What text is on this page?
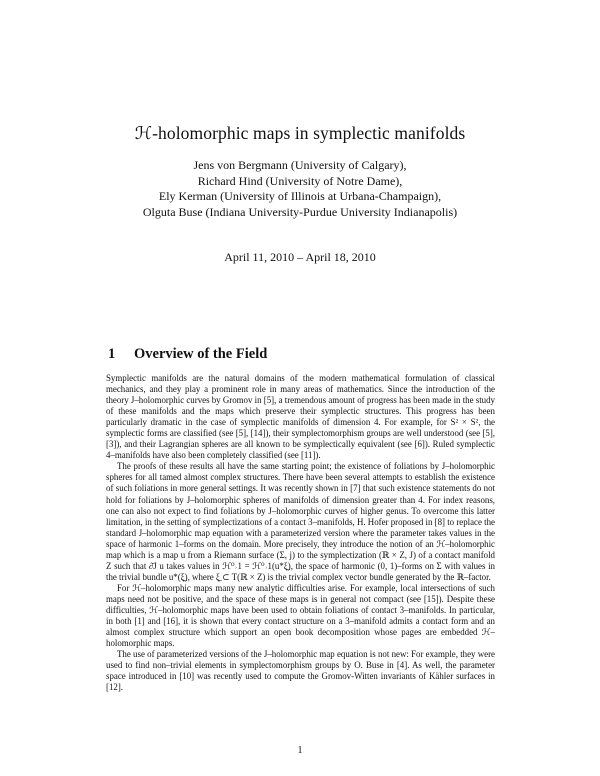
ℋ-holomorphic maps in symplectic manifolds
Jens von Bergmann (University of Calgary),
Richard Hind (University of Notre Dame),
Ely Kerman (University of Illinois at Urbana-Champaign),
Olguta Buse (Indiana University-Purdue University Indianapolis)
April 11, 2010 – April 18, 2010
1 Overview of the Field

Symplectic manifolds are the natural domains of the modern mathematical formulation of classical mechanics, and they play a prominent role in many areas of mathematics. Since the introduction of the theory J–holomorphic curves by Gromov in [5], a tremendous amount of progress has been made in the study of these manifolds and the maps which preserve their symplectic structures. This progress has been particularly dramatic in the case of symplectic manifolds of dimension 4. For example, for S² × S², the symplectic forms are classified (see [5], [14]), their symplectomorphism groups are well understood (see [5], [3]), and their Lagrangian spheres are all known to be symplectically equivalent (see [6]). Ruled symplectic 4–manifolds have also been completely classified (see [11]).

The proofs of these results all have the same starting point; the existence of foliations by J–holomorphic spheres for all tamed almost complex structures. There have been several attempts to establish the existence of such foliations in more general settings. It was recently shown in [7] that such existence statements do not hold for foliations by J–holomorphic spheres of manifolds of dimension greater than 4. For index reasons, one can also not expect to find foliations by J–holomorphic curves of higher genus. To overcome this latter limitation, in the setting of symplectizations of a contact 3–manifolds, H. Hofer proposed in [8] to replace the standard J–holomorphic map equation with a parameterized version where the parameter takes values in the space of harmonic 1–forms on the domain. More precisely, they introduce the notion of an ℋ–holomorphic map which is a map u from a Riemann surface (Σ, j) to the symplectization (ℝ × Z, J) of a contact manifold Z such that ∂̄J u takes values in ℋ⁰˒1 = ℋ⁰˒1(u*ξ̲), the space of harmonic (0, 1)–forms on Σ with values in the trivial bundle u*(ξ̲), where ξ̲ ⊂ T(ℝ × Z) is the trivial complex vector bundle generated by the ℝ–factor.

For ℋ–holomorphic maps many new analytic difficulties arise. For example, local intersections of such maps need not be positive, and the space of these maps is in general not compact (see [15]). Despite these difficulties, ℋ–holomorphic maps have been used to obtain foliations of contact 3–manifolds. In particular, in both [1] and [16], it is shown that every contact structure on a 3–manifold admits a contact form and an almost complex structure which support an open book decomposition whose pages are embedded ℋ–holomorphic maps.

The use of parameterized versions of the J–holomorphic map equation is not new: For example, they were used to find non–trivial elements in symplectomorphism groups by O. Buse in [4]. As well, the parameter space introduced in [10] was recently used to compute the Gromov-Witten invariants of Kähler surfaces in [12].

1
